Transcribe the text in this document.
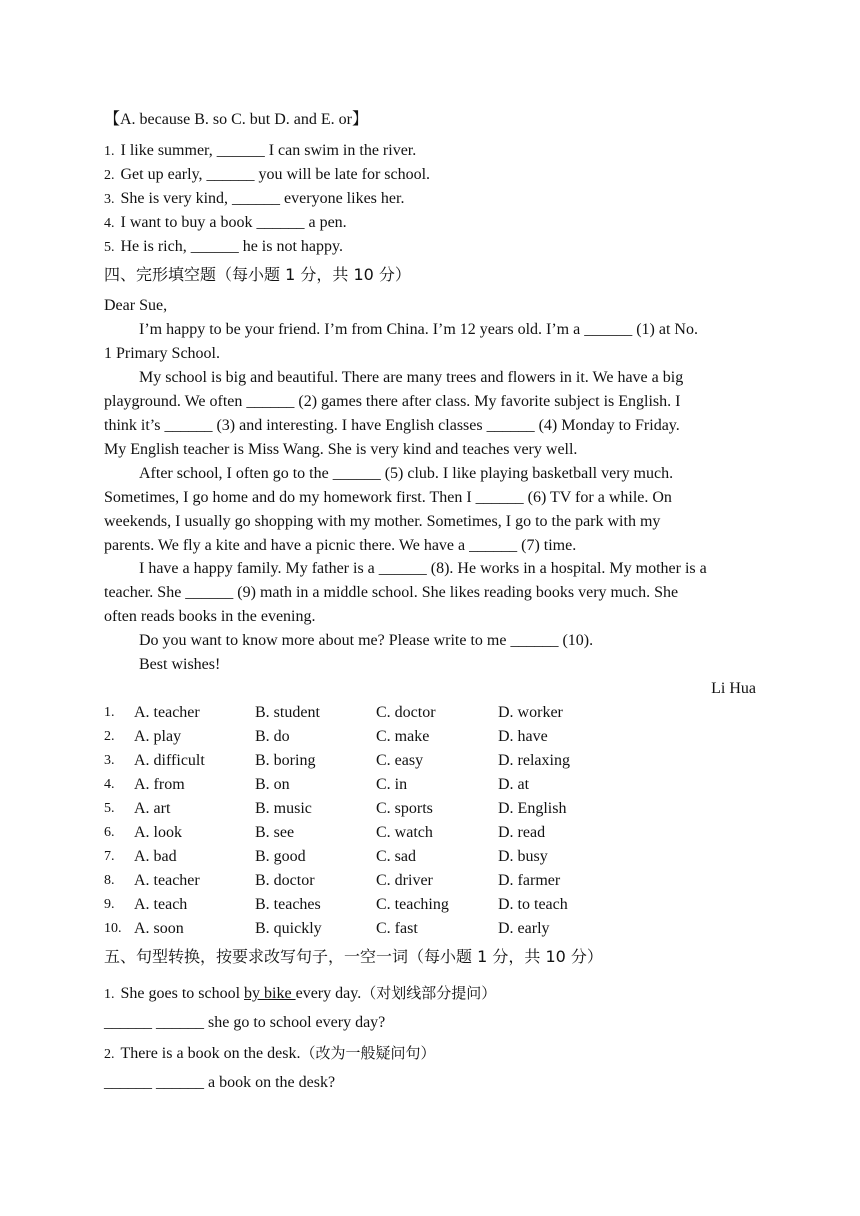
【A. because B. so C. but D. and E. or】
1. I like summer, ______ I can swim in the river.
2. Get up early, ______ you will be late for school.
3. She is very kind, ______ everyone likes her.
4. I want to buy a book ______ a pen.
5. He is rich, ______ he is not happy.
四、完形填空题（每小题 1 分，共 10 分）
Dear Sue,
I’m happy to be your friend. I’m from China. I’m 12 years old. I’m a ______ (1) at No.
1 Primary School.
My school is big and beautiful. There are many trees and flowers in it. We have a big
playground. We often ______ (2) games there after class. My favorite subject is English. I
think it’s ______ (3) and interesting. I have English classes ______ (4) Monday to Friday.
My English teacher is Miss Wang. She is very kind and teaches very well.
After school, I often go to the ______ (5) club. I like playing basketball very much.
Sometimes, I go home and do my homework first. Then I ______ (6) TV for a while. On
weekends, I usually go shopping with my mother. Sometimes, I go to the park with my
parents. We fly a kite and have a picnic there. We have a ______ (7) time.
I have a happy family. My father is a ______ (8). He works in a hospital. My mother is a
teacher. She ______ (9) math in a middle school. She likes reading books very much. She
often reads books in the evening.
Do you want to know more about me? Please write to me ______ (10).
Best wishes!
Li Hua
1. A. teacher	B. student	C. doctor	D. worker
2. A. play	B. do	C. make	D. have
3. A. difficult	B. boring	C. easy	D. relaxing
4. A. from	B. on	C. in	D. at
5. A. art	B. music	C. sports	D. English
6. A. look	B. see	C. watch	D. read
7. A. bad	B. good	C. sad	D. busy
8. A. teacher	B. doctor	C. driver	D. farmer
9. A. teach	B. teaches	C. teaching	D. to teach
10. A. soon	B. quickly	C. fast	D. early
五、句型转换，按要求改写句子，一空一词（每小题 1 分，共 10 分）
1. She goes to school by bike every day.（对划线部分提问）
______ ______ she go to school every day?
2. There is a book on the desk.（改为一般疑问句）
______ ______ a book on the desk?
